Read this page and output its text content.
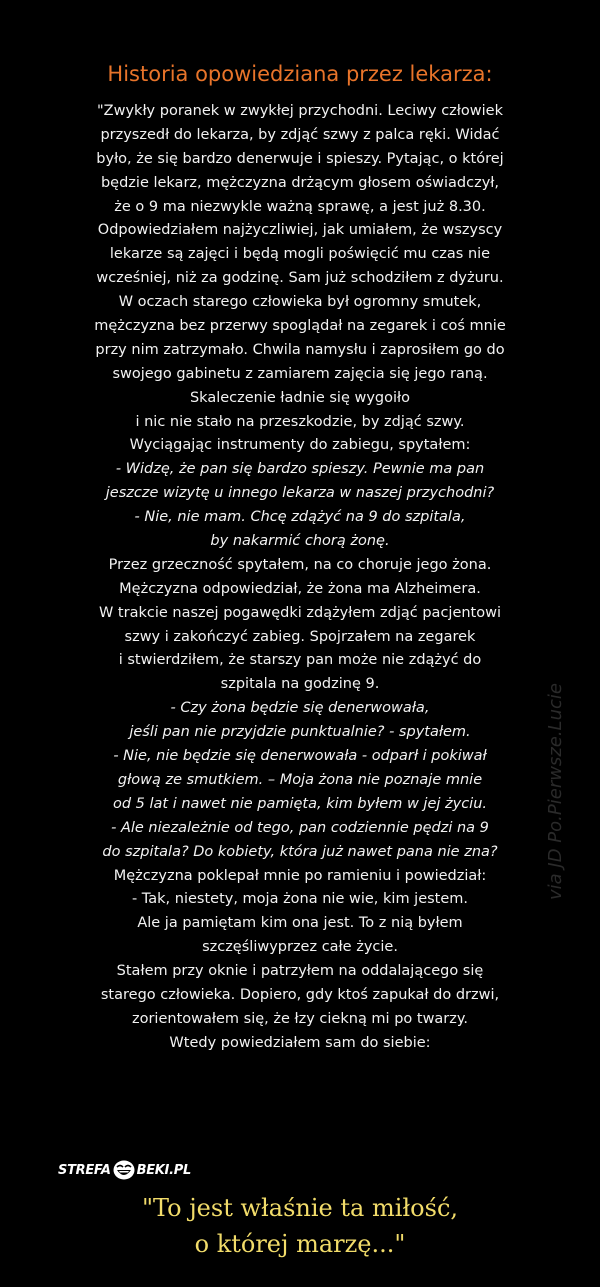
Historia opowiedziana przez lekarza:
"Zwykły poranek w zwykłej przychodni. Leciwy człowiek
przyszedł do lekarza, by zdjąć szwy z palca ręki. Widać
było, że się bardzo denerwuje i spieszy. Pytając, o której
będzie lekarz, mężczyzna drżącym głosem oświadczył,
że o 9 ma niezwykle ważną sprawę, a jest już 8.30.
Odpowiedziałem najżyczliwiej, jak umiałem, że wszyscy
lekarze są zajęci i będą mogli poświęcić mu czas nie
wcześniej, niż za godzinę. Sam już schodziłem z dyżuru.
W oczach starego człowieka był ogromny smutek,
mężczyzna bez przerwy spoglądał na zegarek i coś mnie
przy nim zatrzymało. Chwila namysłu i zaprosiłem go do
swojego gabinetu z zamiarem zajęcia się jego raną.
Skaleczenie ładnie się wygoiło
i nic nie stało na przeszkodzie, by zdjąć szwy.
Wyciągając instrumenty do zabiegu, spytałem:
- Widzę, że pan się bardzo spieszy. Pewnie ma pan
jeszcze wizytę u innego lekarza w naszej przychodni?
- Nie, nie mam. Chcę zdążyć na 9 do szpitala,
by nakarmić chorą żonę.
Przez grzeczność spytałem, na co choruje jego żona.
Mężczyzna odpowiedział, że żona ma Alzheimera.
W trakcie naszej pogawędki zdążyłem zdjąć pacjentowi
szwy i zakończyć zabieg. Spojrzałem na zegarek
i stwierdziłem, że starszy pan może nie zdążyć do
szpitala na godzinę 9.
- Czy żona będzie się denerwowała,
jeśli pan nie przyjdzie punktualnie? - spytałem.
- Nie, nie będzie się denerwowała - odparł i pokiwał
głową ze smutkiem. – Moja żona nie poznaje mnie
od 5 lat i nawet nie pamięta, kim byłem w jej życiu.
- Ale niezależnie od tego, pan codziennie pędzi na 9
do szpitala? Do kobiety, która już nawet pana nie zna?
Mężczyzna poklepał mnie po ramieniu i powiedział:
- Tak, niestety, moja żona nie wie, kim jestem.
Ale ja pamiętam kim ona jest. To z nią byłem
szczęśliwyprzez całe życie.
Stałem przy oknie i patrzyłem na oddalającego się
starego człowieka. Dopiero, gdy ktoś zapukał do drzwi,
zorientowałem się, że łzy ciekną mi po twarzy.
Wtedy powiedziałem sam do siebie:
via JD Po.Pierwsze.Lucie
STREFA BEKI.PL
"To jest właśnie ta miłość,
o której marzę..."
